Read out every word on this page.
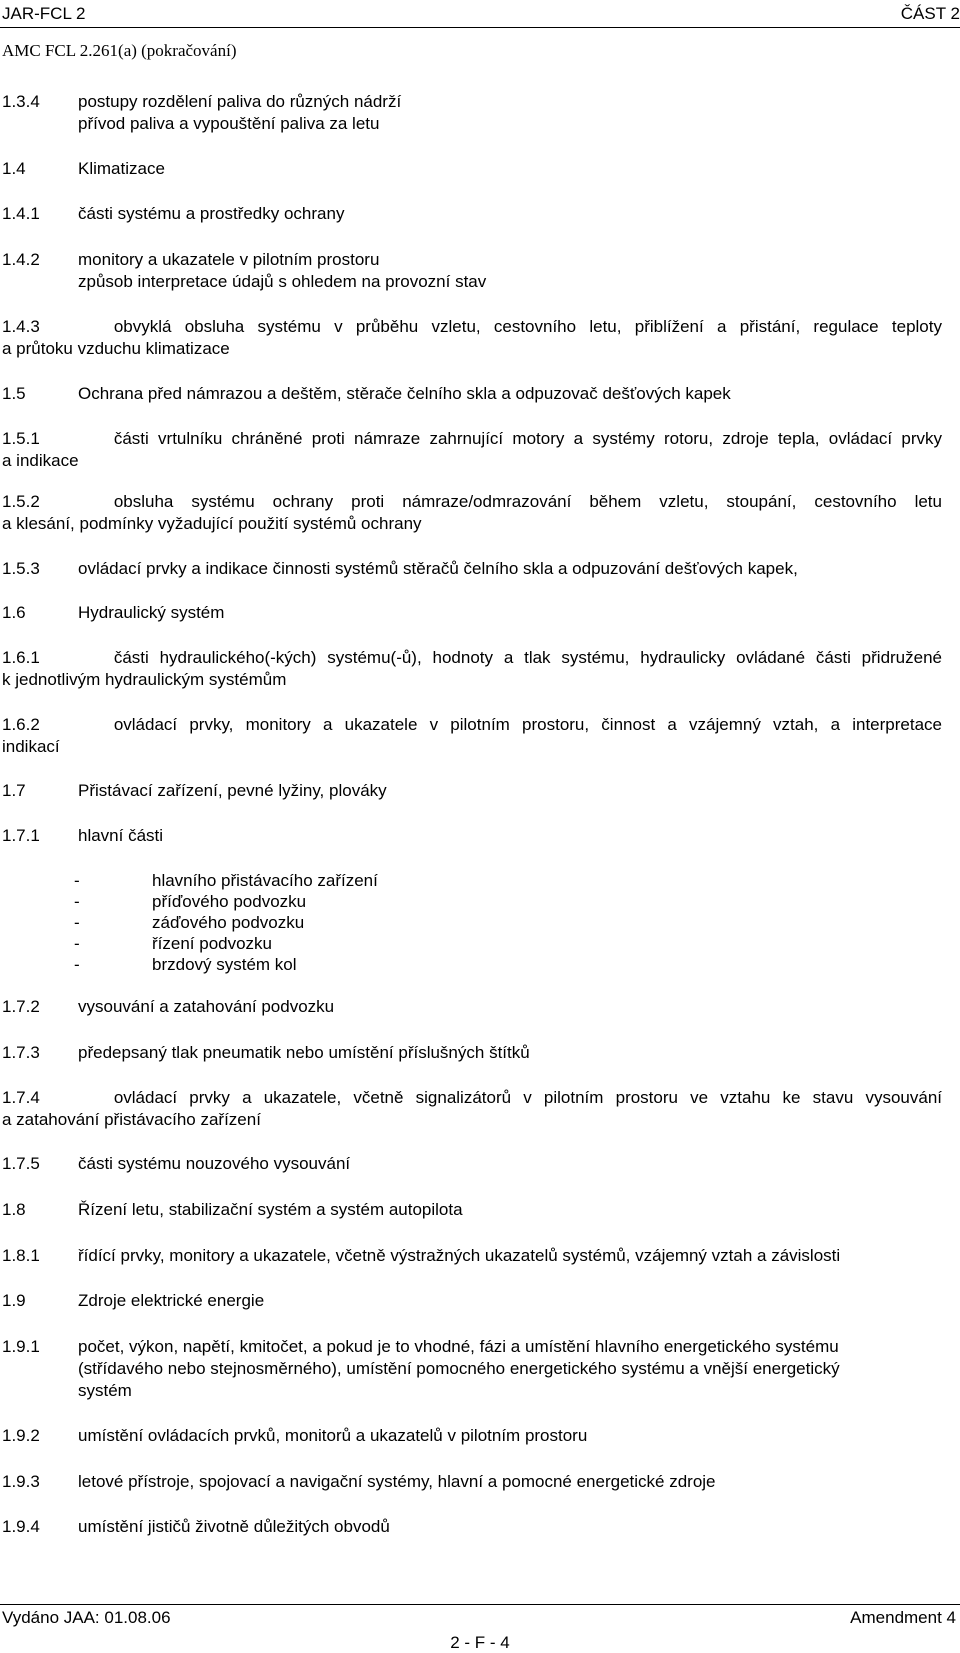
JAR-FCL 2	ČÁST 2
AMC FCL 2.261(a) (pokračování)
1.3.4 postupy rozdělení paliva do různých nádrží
přívod paliva a vypouštění paliva za letu
1.4	Klimatizace
1.4.1 části systému a prostředky ochrany
1.4.2 monitory a ukazatele v pilotním prostoru
způsob interpretace údajů s ohledem na provozní stav
1.4.3	obvyklá obsluha systému v průběhu vzletu, cestovního letu, přiblížení a přistání, regulace teploty
a průtoku vzduchu klimatizace
1.5	Ochrana před námrazou a deštěm, stěrače čelního skla a odpuzovač dešťových kapek
1.5.1	části vrtulníku chráněné proti námraze zahrnující motory a systémy rotoru, zdroje tepla, ovládací prvky
a indikace
1.5.2	obsluha systému ochrany proti námraze/odmrazování během vzletu, stoupání, cestovního letu
a klesání, podmínky vyžadující použití systémů ochrany
1.5.3 ovládací prvky a indikace činnosti systémů stěračů čelního skla a odpuzování dešťových kapek,
1.6	Hydraulický systém
1.6.1	části hydraulického(-kých) systému(-ů), hodnoty a tlak systému, hydraulicky ovládané části přidružené
k jednotlivým hydraulickým systémům
1.6.2	ovládací prvky, monitory a ukazatele v pilotním prostoru, činnost a vzájemný vztah, a interpretace
indikací
1.7	Přistávací zařízení, pevné lyžiny, plováky
1.7.1 hlavní části
-	hlavního přistávacího zařízení
-	příďového podvozku
-	záďového podvozku
-	řízení podvozku
-	brzdový systém kol
1.7.2 vysouvání a zatahování podvozku
1.7.3 předepsaný tlak pneumatik nebo umístění příslušných štítků
1.7.4	ovládací prvky a ukazatele, včetně signalizátorů v pilotním prostoru ve vztahu ke stavu vysouvání
a zatahování přistávacího zařízení
1.7.5 části systému nouzového vysouvání
1.8	Řízení letu, stabilizační systém a systém autopilota
1.8.1 řídící prvky, monitory a ukazatele, včetně výstražných ukazatelů systémů, vzájemný vztah a závislosti
1.9	Zdroje elektrické energie
1.9.1 počet, výkon, napětí, kmitočet, a pokud je to vhodné, fázi a umístění hlavního energetického systému
(střídavého nebo stejnosměrného), umístění pomocného energetického systému a vnější energetický
systém
1.9.2 umístění ovládacích prvků, monitorů a ukazatelů v pilotním prostoru
1.9.3 letové přístroje, spojovací a navigační systémy, hlavní a pomocné energetické zdroje
1.9.4 umístění jističů životně důležitých obvodů
Vydáno JAA: 01.08.06	Amendment 4
2 - F - 4
